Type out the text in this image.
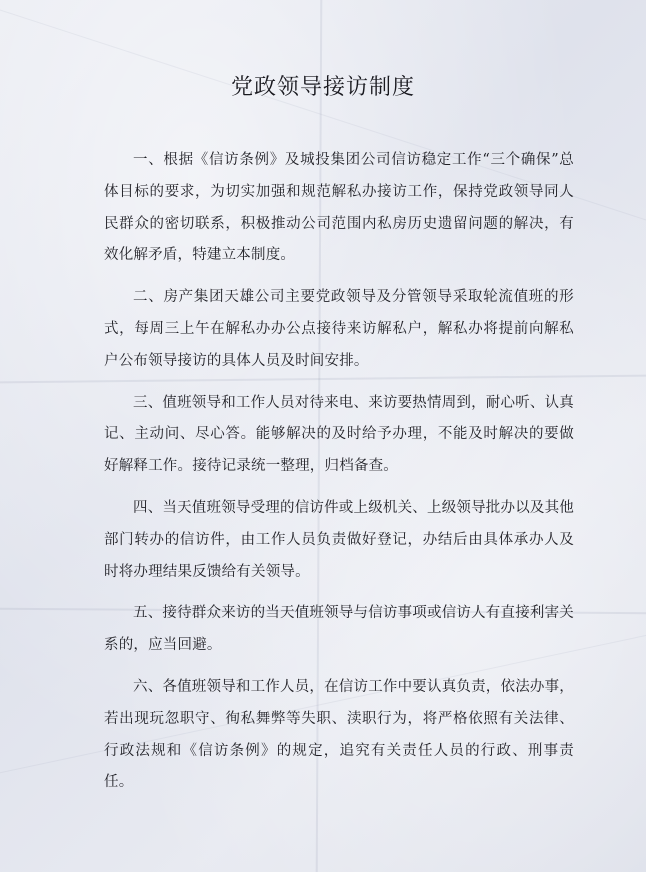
党政领导接访制度

一、根据《信访条例》及城投集团公司信访稳定工作“三个确保”总体目标的要求，为切实加强和规范解私办接访工作，保持党政领导同人民群众的密切联系，积极推动公司范围内私房历史遗留问题的解决，有效化解矛盾，特建立本制度。

二、房产集团天雄公司主要党政领导及分管领导采取轮流值班的形式，每周三上午在解私办办公点接待来访解私户，解私办将提前向解私户公布领导接访的具体人员及时间安排。

三、值班领导和工作人员对待来电、来访要热情周到，耐心听、认真记、主动问、尽心答。能够解决的及时给予办理，不能及时解决的要做好解释工作。接待记录统一整理，归档备查。

四、当天值班领导受理的信访件或上级机关、上级领导批办以及其他部门转办的信访件，由工作人员负责做好登记，办结后由具体承办人及时将办理结果反馈给有关领导。

五、接待群众来访的当天值班领导与信访事项或信访人有直接利害关系的，应当回避。

六、各值班领导和工作人员，在信访工作中要认真负责，依法办事，若出现玩忽职守、徇私舞弊等失职、渎职行为，将严格依照有关法律、行政法规和《信访条例》的规定，追究有关责任人员的行政、刑事责任。
